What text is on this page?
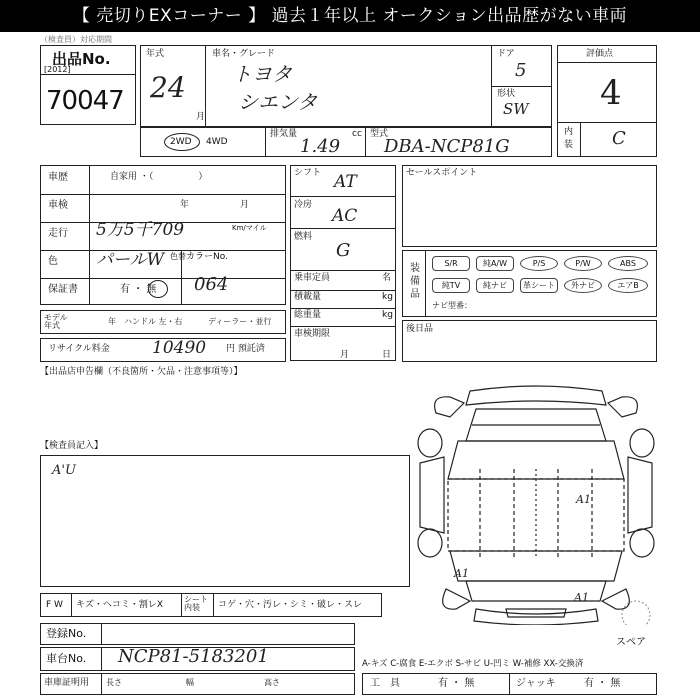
【 売切りEXコーナー 】 過去１年以上 オークション出品歴がない車両
（検査員）対応期間
出品No.
[2012]
70047
年式
24
月
車名・グレード
トヨタ
シエンタ
ドア
5
形状
SW
評価点
4
内装 C
2WD 4WD
排気量	cc
1.49
型式
DBA-NCP81G
車歴	自家用 ・（　　　　　）
車検	年	月
走行 5万5千709	Km/マイル
色 パールW 色替
保証書	有 ・ 無
カラーNo.
064
モデル年式	年 ハンドル 左・右	ディーラー・並行
リサイクル料金 10490 円 預託済
シフト AT
冷房
AC
燃料
G
乗車定員	名
積載量	kg
総重量	kg
車検期限
月	日
セールスポイント
装備品
S/R	純A/W	P/S	P/W	ABS
純TV	純ナビ	革シート	外ナビ	エアB
ナビ型番：
後日品
【出品店申告欄（不良箇所・欠品・注意事項等）】
【検査員記入】
A'U
A1
A1
A1
スペア
F W キズ・ヘコミ・割レX
シート内装	コゲ・穴・汚レ・シミ・破レ・スレ
登録No.
車台No. NCP81-5183201	A-キズ C-腐食 E-エクボ S-サビ U-凹ミ W-補修 XX-交換済
車庫証明用 長さ	幅	高さ	工　具	有 ・ 無	ジャッキ	有 ・ 無
